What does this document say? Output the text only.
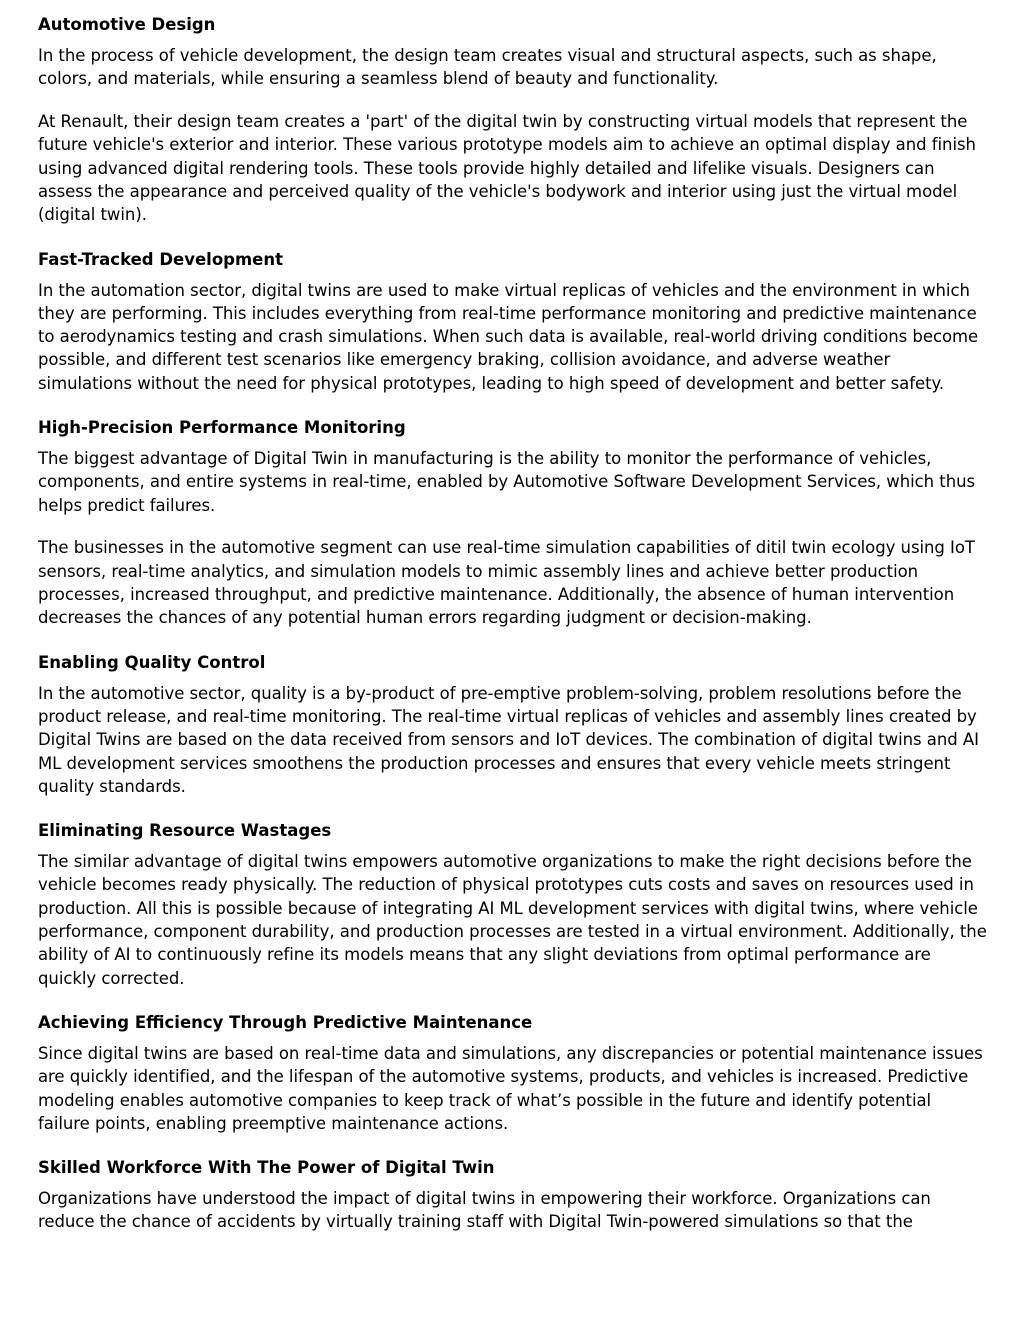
Automotive Design

In the process of vehicle development, the design team creates visual and structural aspects, such as shape, colors, and materials, while ensuring a seamless blend of beauty and functionality.

At Renault, their design team creates a 'part' of the digital twin by constructing virtual models that represent the future vehicle's exterior and interior. These various prototype models aim to achieve an optimal display and finish using advanced digital rendering tools. These tools provide highly detailed and lifelike visuals. Designers can assess the appearance and perceived quality of the vehicle's bodywork and interior using just the virtual model (digital twin).

Fast-Tracked Development

In the automation sector, digital twins are used to make virtual replicas of vehicles and the environment in which they are performing. This includes everything from real-time performance monitoring and predictive maintenance to aerodynamics testing and crash simulations. When such data is available, real-world driving conditions become possible, and different test scenarios like emergency braking, collision avoidance, and adverse weather simulations without the need for physical prototypes, leading to high speed of development and better safety.

High-Precision Performance Monitoring

The biggest advantage of Digital Twin in manufacturing is the ability to monitor the performance of vehicles, components, and entire systems in real-time, enabled by Automotive Software Development Services, which thus helps predict failures.

The businesses in the automotive segment can use real-time simulation capabilities of ditil twin ecology using IoT sensors, real-time analytics, and simulation models to mimic assembly lines and achieve better production processes, increased throughput, and predictive maintenance. Additionally, the absence of human intervention decreases the chances of any potential human errors regarding judgment or decision-making.

Enabling Quality Control

In the automotive sector, quality is a by-product of pre-emptive problem-solving, problem resolutions before the product release, and real-time monitoring. The real-time virtual replicas of vehicles and assembly lines created by Digital Twins are based on the data received from sensors and IoT devices. The combination of digital twins and AI ML development services smoothens the production processes and ensures that every vehicle meets stringent quality standards.

Eliminating Resource Wastages

The similar advantage of digital twins empowers automotive organizations to make the right decisions before the vehicle becomes ready physically. The reduction of physical prototypes cuts costs and saves on resources used in production. All this is possible because of integrating AI ML development services with digital twins, where vehicle performance, component durability, and production processes are tested in a virtual environment. Additionally, the ability of AI to continuously refine its models means that any slight deviations from optimal performance are quickly corrected.

Achieving Efficiency Through Predictive Maintenance

Since digital twins are based on real-time data and simulations, any discrepancies or potential maintenance issues are quickly identified, and the lifespan of the automotive systems, products, and vehicles is increased. Predictive modeling enables automotive companies to keep track of what’s possible in the future and identify potential failure points, enabling preemptive maintenance actions.

Skilled Workforce With The Power of Digital Twin

Organizations have understood the impact of digital twins in empowering their workforce. Organizations can reduce the chance of accidents by virtually training staff with Digital Twin-powered simulations so that the
